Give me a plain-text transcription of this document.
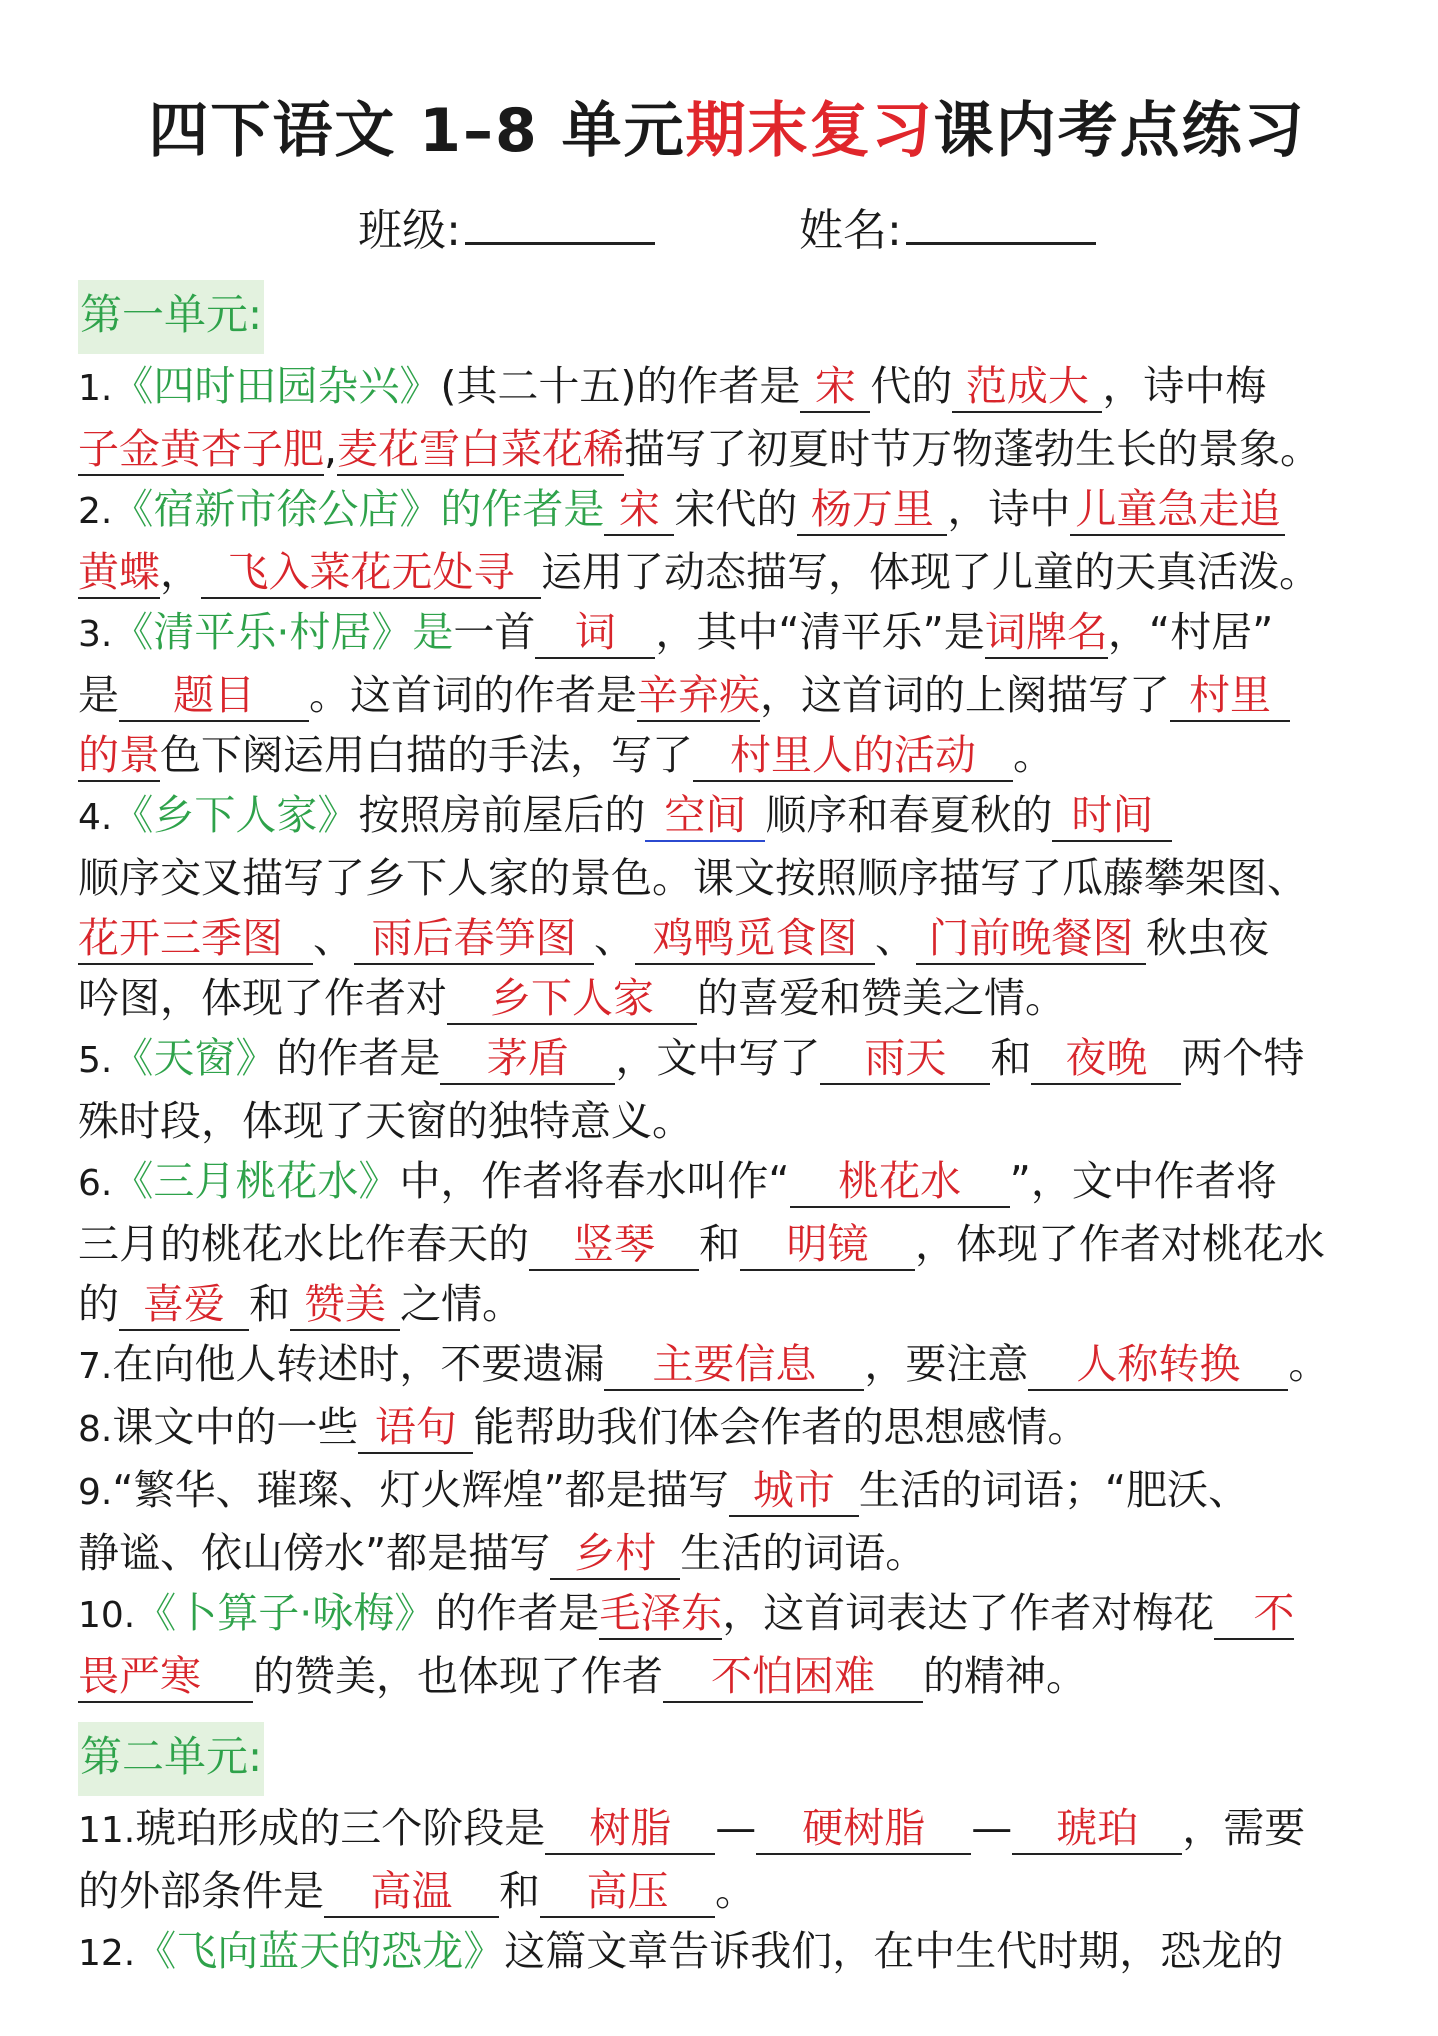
四下语文 1–8 单元期末复习课内考点练习
班级:	姓名:
第一单元:

1.《四时田园杂兴》(其二十五)的作者是 宋 代的 范成大 ，诗中梅

子金黄杏子肥,麦花雪白菜花稀描写了初夏时节万物蓬勃生长的景象。

2.《宿新市徐公店》的作者是 宋 宋代的 杨万里 ，诗中 儿童急走追

黄蝶， 飞入菜花无处寻 运用了动态描写，体现了儿童的天真活泼。

3.《清平乐·村居》是一首 词 ，其中“清平乐”是词牌名，“村居”

是 题目 。这首词的作者是辛弃疾，这首词的上阕描写了 村里

的景色下阕运用白描的手法，写了 村里人的活动 。

4.《乡下人家》按照房前屋后的 空间 顺序和春夏秋的 时间

顺序交叉描写了乡下人家的景色。课文按照顺序描写了瓜藤攀架图、

花开三季图 、 雨后春笋图 、 鸡鸭觅食图 、 门前晚餐图 秋虫夜

吟图，体现了作者对 乡下人家 的喜爱和赞美之情。

5.《天窗》的作者是 茅盾 ，文中写了 雨天 和 夜晚 两个特

殊时段，体现了天窗的独特意义。

6.《三月桃花水》中，作者将春水叫作“ 桃花水 ”，文中作者将

三月的桃花水比作春天的 竖琴 和 明镜 ，体现了作者对桃花水

的 喜爱 和 赞美 之情。

7.在向他人转述时，不要遗漏 主要信息 ，要注意 人称转换 。

8.课文中的一些 语句 能帮助我们体会作者的思想感情。

9.“繁华、璀璨、灯火辉煌”都是描写 城市 生活的词语；“肥沃、

静谧、依山傍水”都是描写 乡村 生活的词语。

10.《卜算子·咏梅》的作者是毛泽东，这首词表达了作者对梅花 不

畏严寒 的赞美，也体现了作者 不怕困难 的精神。

第二单元:

11.琥珀形成的三个阶段是 树脂 — 硬树脂 — 琥珀 ，需要

的外部条件是 高温 和 高压 。

12.《飞向蓝天的恐龙》这篇文章告诉我们，在中生代时期，恐龙的
